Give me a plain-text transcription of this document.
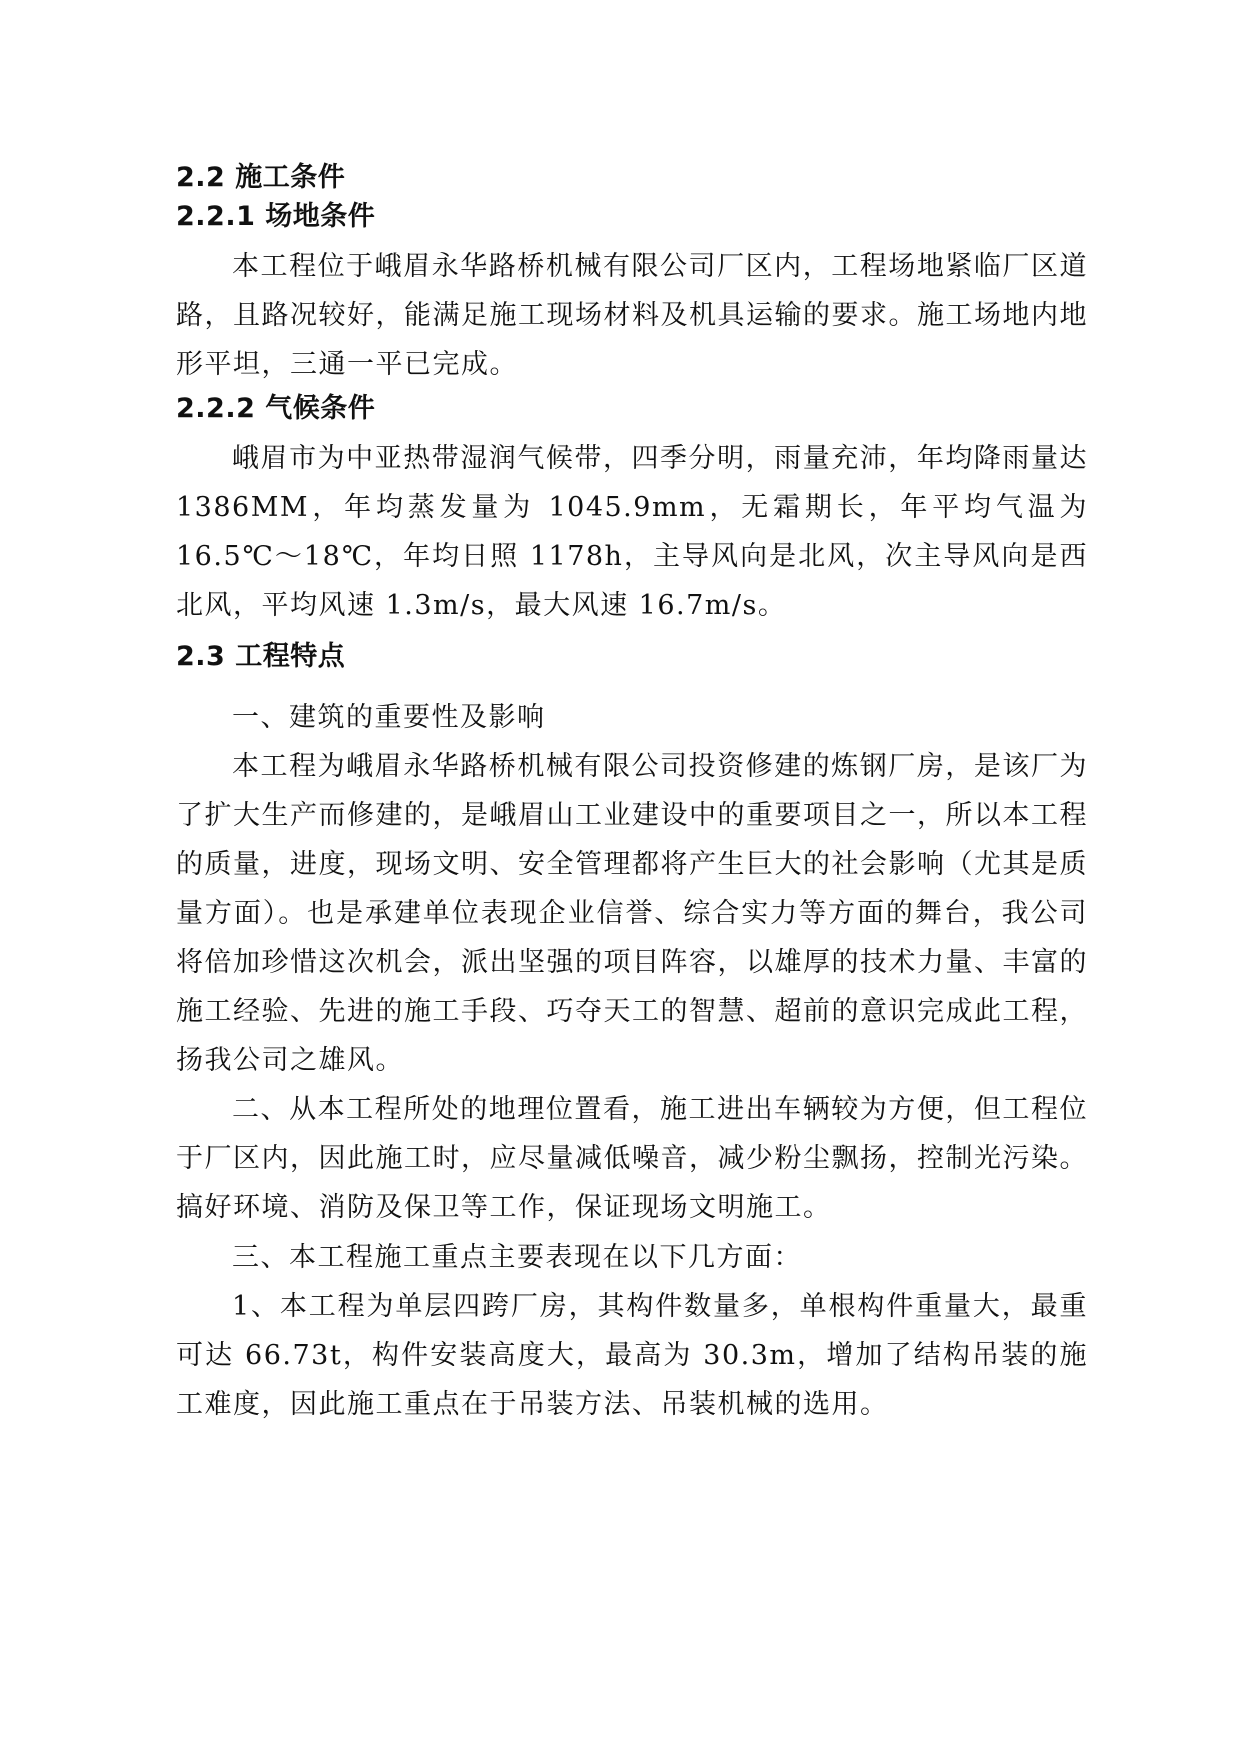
2.2 施工条件
2.2.1 场地条件
本工程位于峨眉永华路桥机械有限公司厂区内，工程场地紧临厂区道路，且路况较好，能满足施工现场材料及机具运输的要求。施工场地内地形平坦，三通一平已完成。
2.2.2 气候条件
峨眉市为中亚热带湿润气候带，四季分明，雨量充沛，年均降雨量达 1386MM，年均蒸发量为 1045.9mm，无霜期长，年平均气温为 16.5℃～18℃，年均日照 1178h，主导风向是北风，次主导风向是西北风，平均风速 1.3m/s，最大风速 16.7m/s。
2.3 工程特点
一、建筑的重要性及影响
本工程为峨眉永华路桥机械有限公司投资修建的炼钢厂房，是该厂为了扩大生产而修建的，是峨眉山工业建设中的重要项目之一，所以本工程的质量，进度，现场文明、安全管理都将产生巨大的社会影响（尤其是质量方面）。也是承建单位表现企业信誉、综合实力等方面的舞台，我公司将倍加珍惜这次机会，派出坚强的项目阵容，以雄厚的技术力量、丰富的施工经验、先进的施工手段、巧夺天工的智慧、超前的意识完成此工程，扬我公司之雄风。
二、从本工程所处的地理位置看，施工进出车辆较为方便，但工程位于厂区内，因此施工时，应尽量减低噪音，减少粉尘飘扬，控制光污染。搞好环境、消防及保卫等工作，保证现场文明施工。
三、本工程施工重点主要表现在以下几方面：
1、本工程为单层四跨厂房，其构件数量多，单根构件重量大，最重可达 66.73t，构件安装高度大，最高为 30.3m，增加了结构吊装的施工难度，因此施工重点在于吊装方法、吊装机械的选用。
